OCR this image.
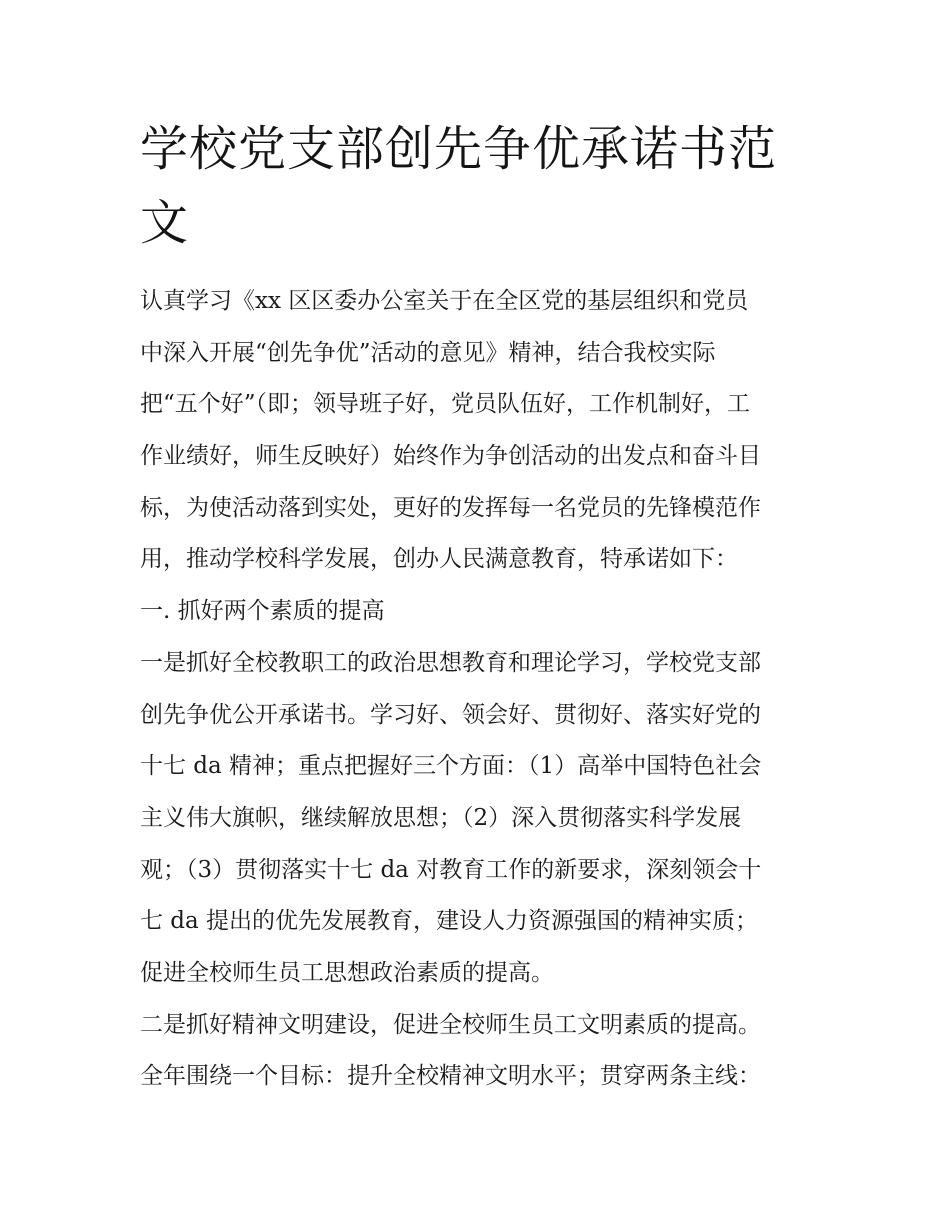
学校党支部创先争优承诺书范
文
认真学习《xx 区区委办公室关于在全区党的基层组织和党员
中深入开展“创先争优”活动的意见》精神，结合我校实际
把“五个好”（即；领导班子好，党员队伍好，工作机制好，工
作业绩好，师生反映好）始终作为争创活动的出发点和奋斗目
标，为使活动落到实处，更好的发挥每一名党员的先锋模范作
用，推动学校科学发展，创办人民满意教育，特承诺如下：
一. 抓好两个素质的提高
一是抓好全校教职工的政治思想教育和理论学习，学校党支部
创先争优公开承诺书。学习好、领会好、贯彻好、落实好党的
十七 da 精神；重点把握好三个方面：（1）高举中国特色社会
主义伟大旗帜，继续解放思想；（2）深入贯彻落实科学发展
观；（3）贯彻落实十七 da 对教育工作的新要求，深刻领会十
七 da 提出的优先发展教育，建设人力资源强国的精神实质；
促进全校师生员工思想政治素质的提高。
二是抓好精神文明建设，促进全校师生员工文明素质的提高。
全年围绕一个目标：提升全校精神文明水平；贯穿两条主线：
